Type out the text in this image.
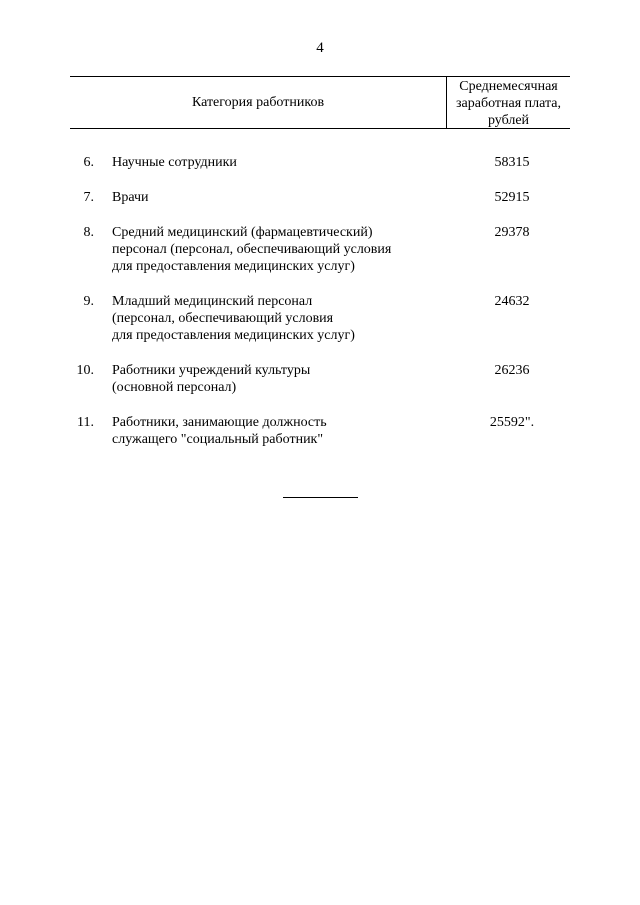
4
Категория работников
Среднемесячная
заработная плата,
рублей
6. Научные сотрудники	58315
7. Врачи	52915
8. Средний медицинский (фармацевтический)
персонал (персонал, обеспечивающий условия
для предоставления медицинских услуг)
29378
9. Младший медицинский персонал
(персонал, обеспечивающий условия
для предоставления медицинских услуг)
24632
10. Работники учреждений культуры
(основной персонал)
26236
11. Работники, занимающие должность
служащего "социальный работник"
25592".
